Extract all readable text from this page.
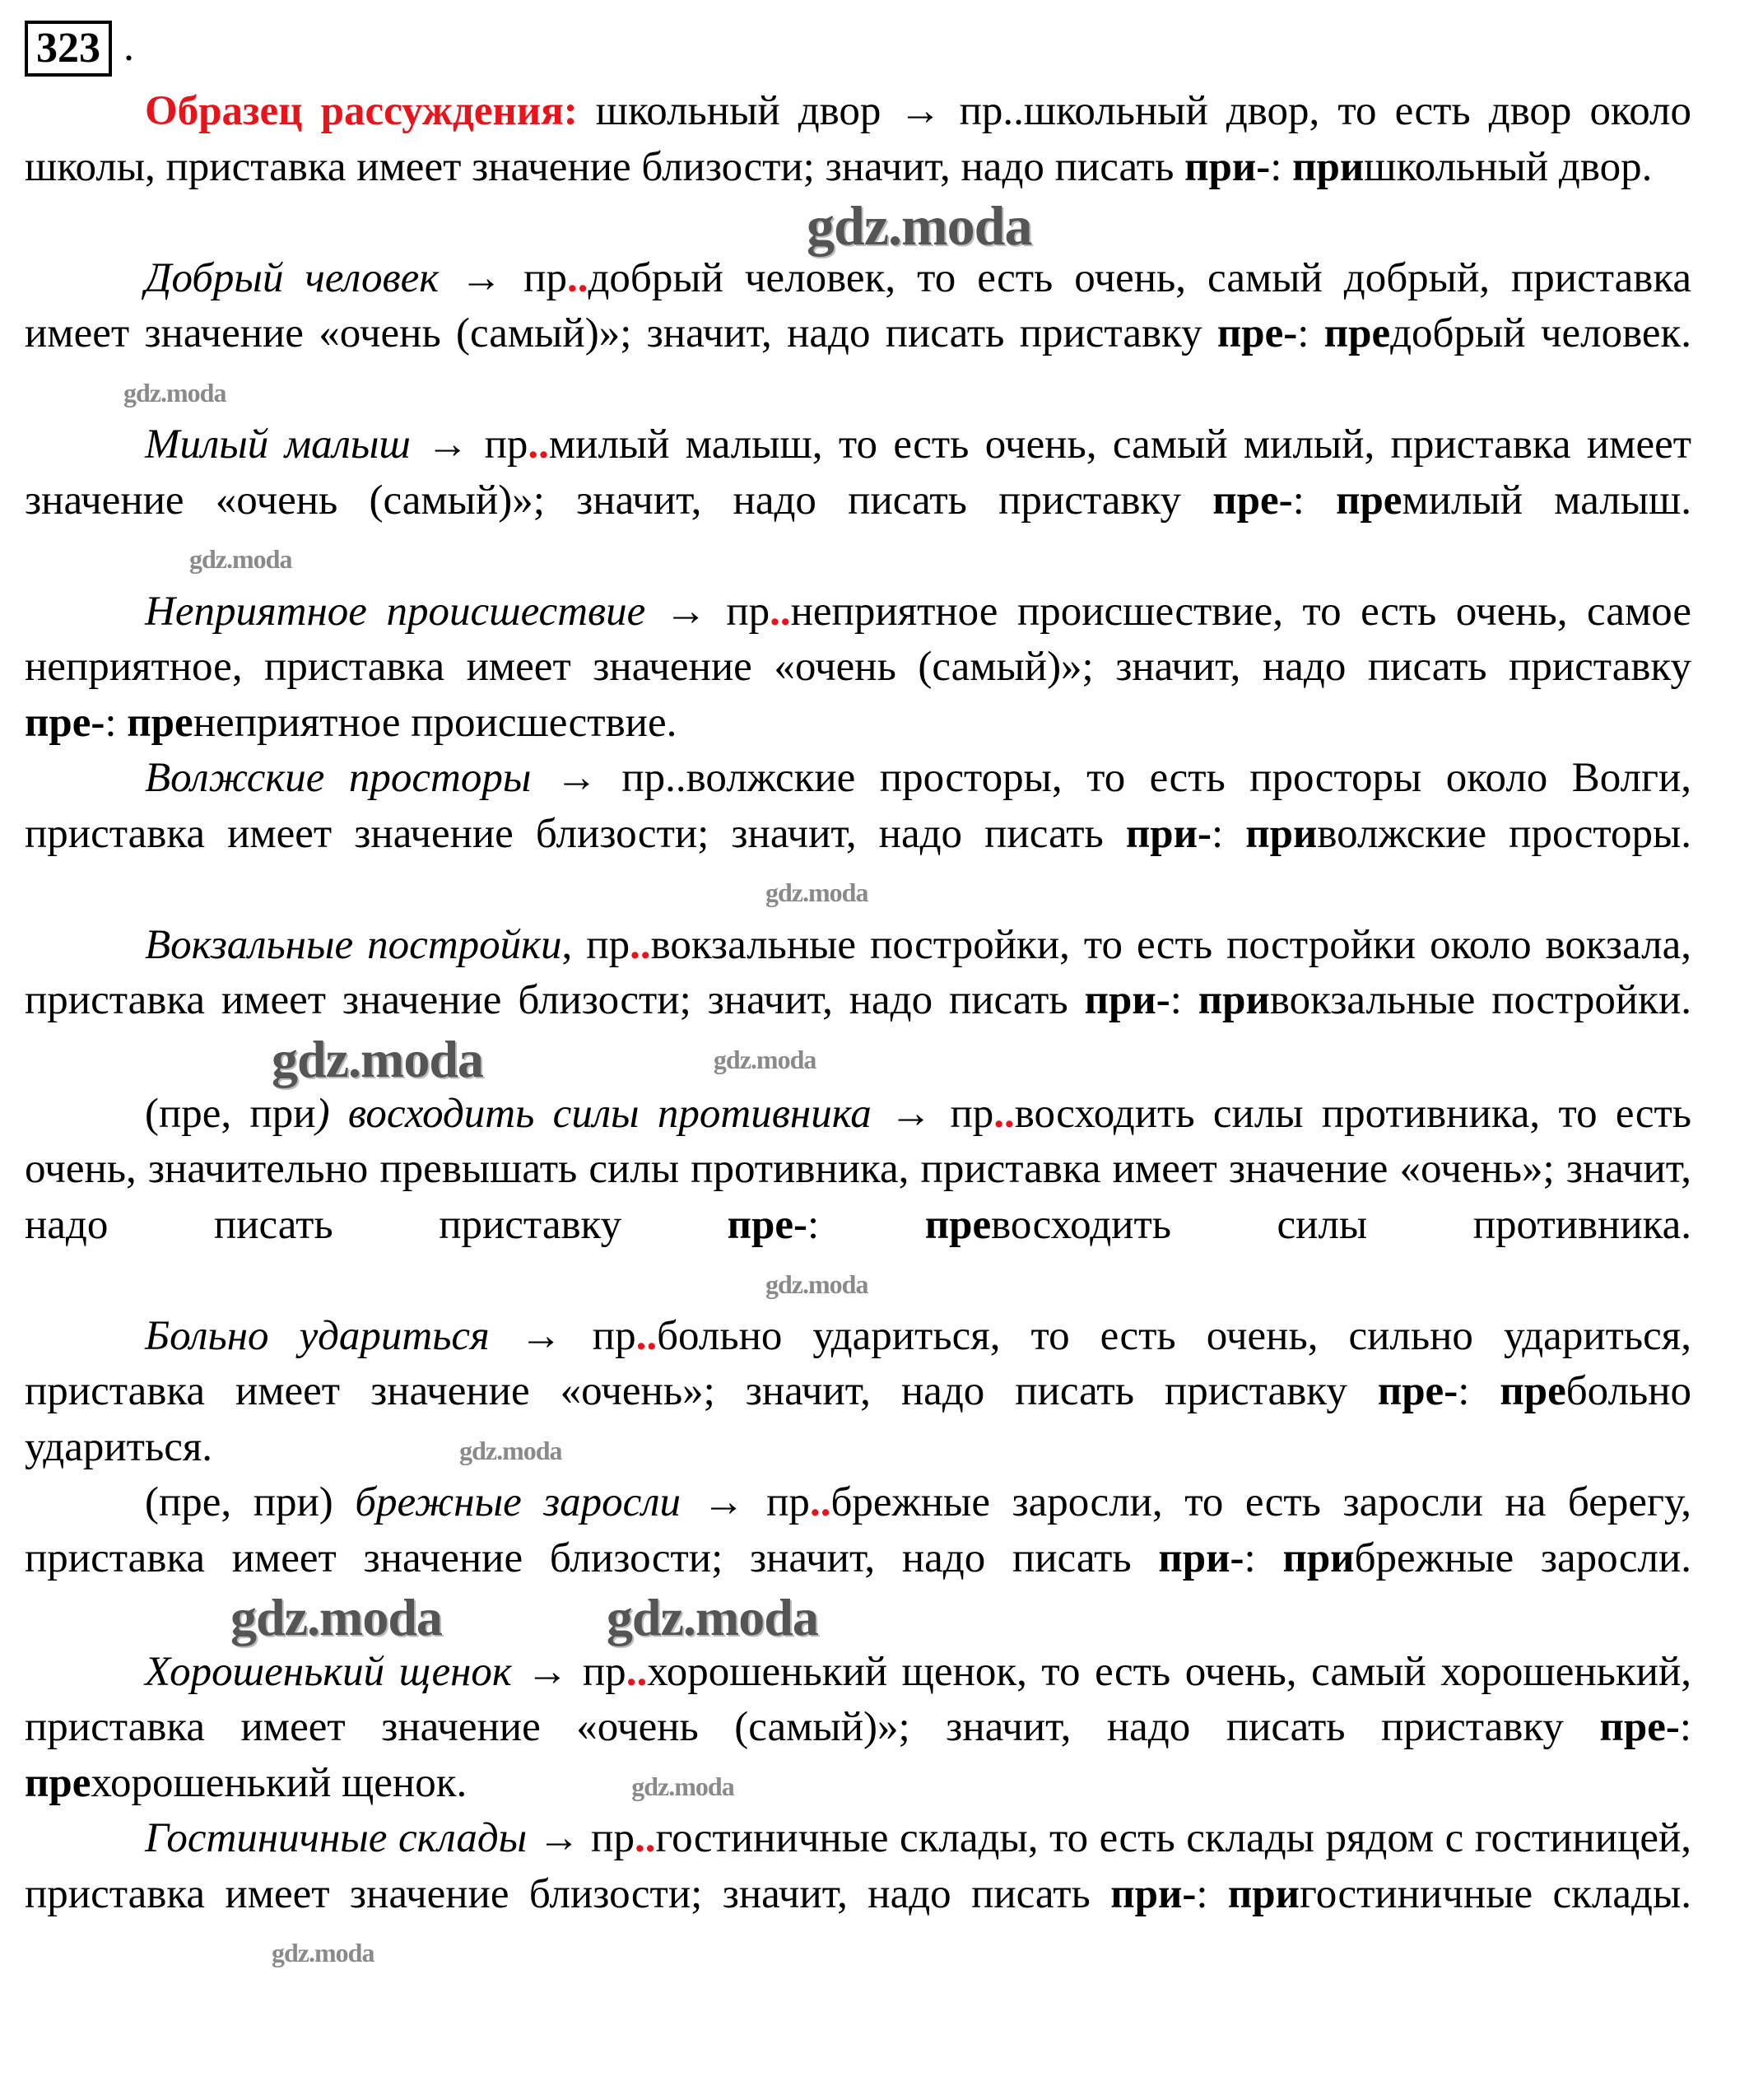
323 .

Образец рассуждения: школьный двор → пр..школьный двор, то есть двор около школы, приставка имеет значение близости; значит, надо писать при-: пришкольный двор.

gdz.moda

Добрый человек → пр..добрый человек, то есть очень, самый добрый, приставка имеет значение «очень (самый)»; значит, надо писать приставку пре-: предобрый человек.gdz.moda

Милый малыш → пр..милый малыш, то есть очень, самый милый, приставка имеет значение «очень (самый)»; значит, надо писать приставку пре-: премилый малыш.gdz.moda

Неприятное происшествие → пр..неприятное происшествие, то есть очень, самое неприятное, приставка имеет значение «очень (самый)»; значит, надо писать приставку пре-: пренеприятное происшествие.

Волжские просторы → пр..волжские просторы, то есть просторы около Волги, приставка имеет значение близости; значит, надо писать при-: приволжские просторы.gdz.moda

Вокзальные постройки, пр..вокзальные постройки, то есть постройки около вокзала, приставка имеет значение близости; значит, надо писать при-: привокзальные постройки.gdz.moda	gdz.moda

(пре, при) восходить силы противника → пр..восходить силы противника, то есть очень, значительно превышать силы противника, приставка имеет значение «очень»; значит, надо писать приставку пре-: превосходить силы противника.gdz.moda

Больно удариться → пр..больно удариться, то есть очень, сильно удариться, приставка имеет значение «очень»; значит, надо писать приставку пре-: пребольно удариться.	gdz.moda

(пре, при) брежные заросли → пр..брежные заросли, то есть заросли на берегу, приставка имеет значение близости; значит, надо писать при-: прибрежные заросли.gdz.moda	gdz.moda

Хорошенький щенок → пр..хорошенький щенок, то есть очень, самый хорошенький, приставка имеет значение «очень (самый)»; значит, надо писать приставку пре-: прехорошенький щенок.	gdz.moda

Гостиничные склады → пр..гостиничные склады, то есть склады рядом с гостиницей, приставка имеет значение близости; значит, надо писать при-: пригостиничные склады.gdz.moda
